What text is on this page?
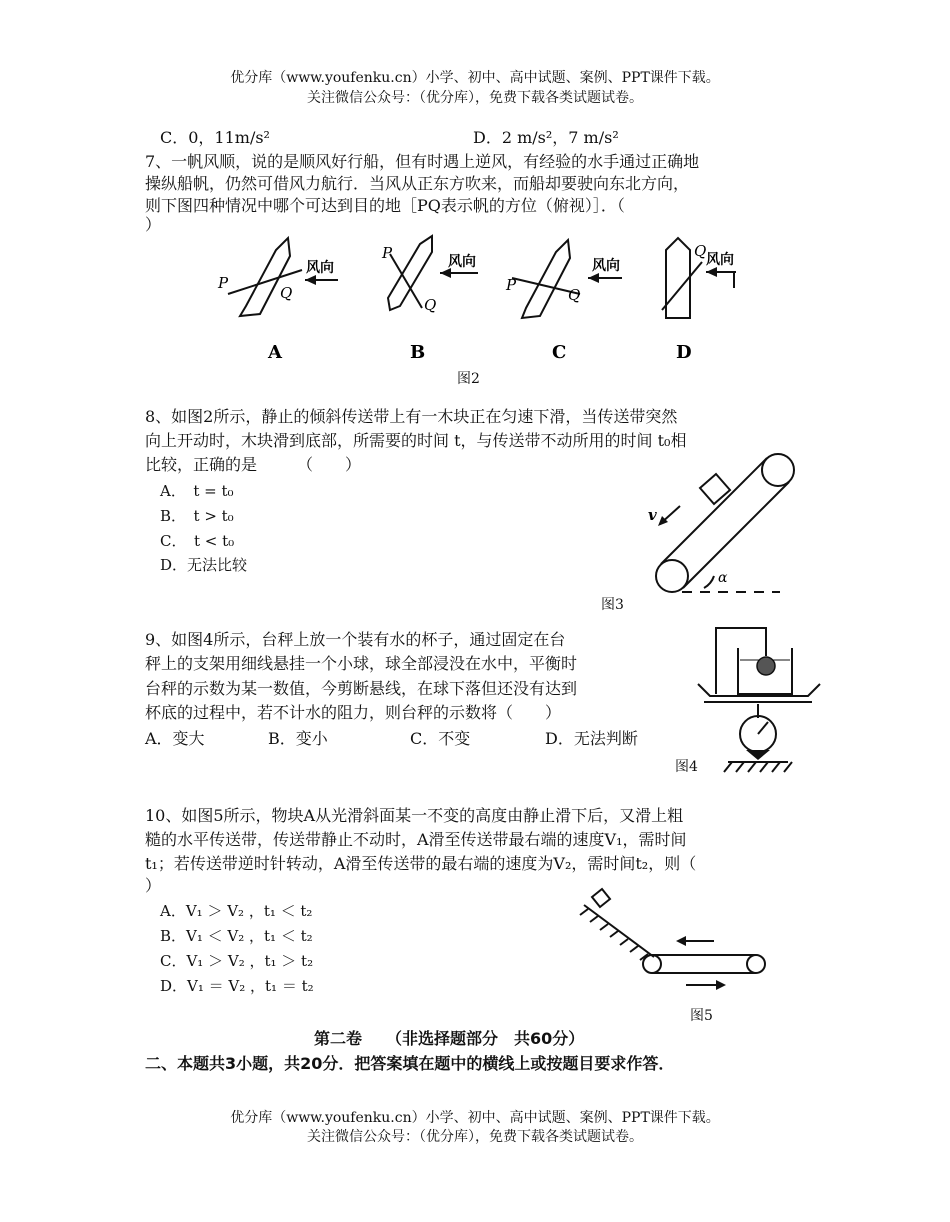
优分库（www.youfenku.cn）小学、初中、高中试题、案例、PPT课件下载。
关注微信公众号：（优分库），免费下载各类试题试卷。
C．0，11m/s²	D．2 m/s²，7 m/s²
7、一帆风顺，说的是顺风好行船，但有时遇上逆风，有经验的水手通过正确地
操纵船帆，仍然可借风力航行．当风从正东方吹来，而船却要驶向东北方向，
则下图四种情况中哪个可达到目的地［PQ表示帆的方位（俯视）］．（
）
P
Q
P
Q
P
Q
Q
风向	风向	风向	风向
A	B	C	D
图2
8、如图2所示，静止的倾斜传送带上有一木块正在匀速下滑，当传送带突然
向上开动时，木块滑到底部，所需要的时间 t，与传送带不动所用的时间 t₀相
比较，正确的是　　　（　　）
A．　t = t₀
B．　t > t₀
C．　t < t₀
D．无法比较
v
α
图3
9、如图4所示，台秤上放一个装有水的杯子，通过固定在台
秤上的支架用细线悬挂一个小球，球全部浸没在水中，平衡时
台秤的示数为某一数值，今剪断悬线，在球下落但还没有达到
杯底的过程中，若不计水的阻力，则台秤的示数将（　　）
A．变大	B．变小	C．不变	D．无法判断
图4
10、如图5所示，物块A从光滑斜面某一不变的高度由静止滑下后，又滑上粗
糙的水平传送带，传送带静止不动时，A滑至传送带最右端的速度V₁，需时间
t₁；若传送带逆时针转动，A滑至传送带的最右端的速度为V₂，需时间t₂，则（
）
A．V₁ ＞ V₂ ，t₁ ＜ t₂
B．V₁ ＜ V₂ ，t₁ ＜ t₂
C．V₁ ＞ V₂ ，t₁ ＞ t₂
D．V₁ ＝ V₂ ，t₁ ＝ t₂
图5
第二卷　　（非选择题部分　共60分）
二、本题共3小题，共20分．把答案填在题中的横线上或按题目要求作答．
优分库（www.youfenku.cn）小学、初中、高中试题、案例、PPT课件下载。
关注微信公众号：（优分库），免费下载各类试题试卷。
